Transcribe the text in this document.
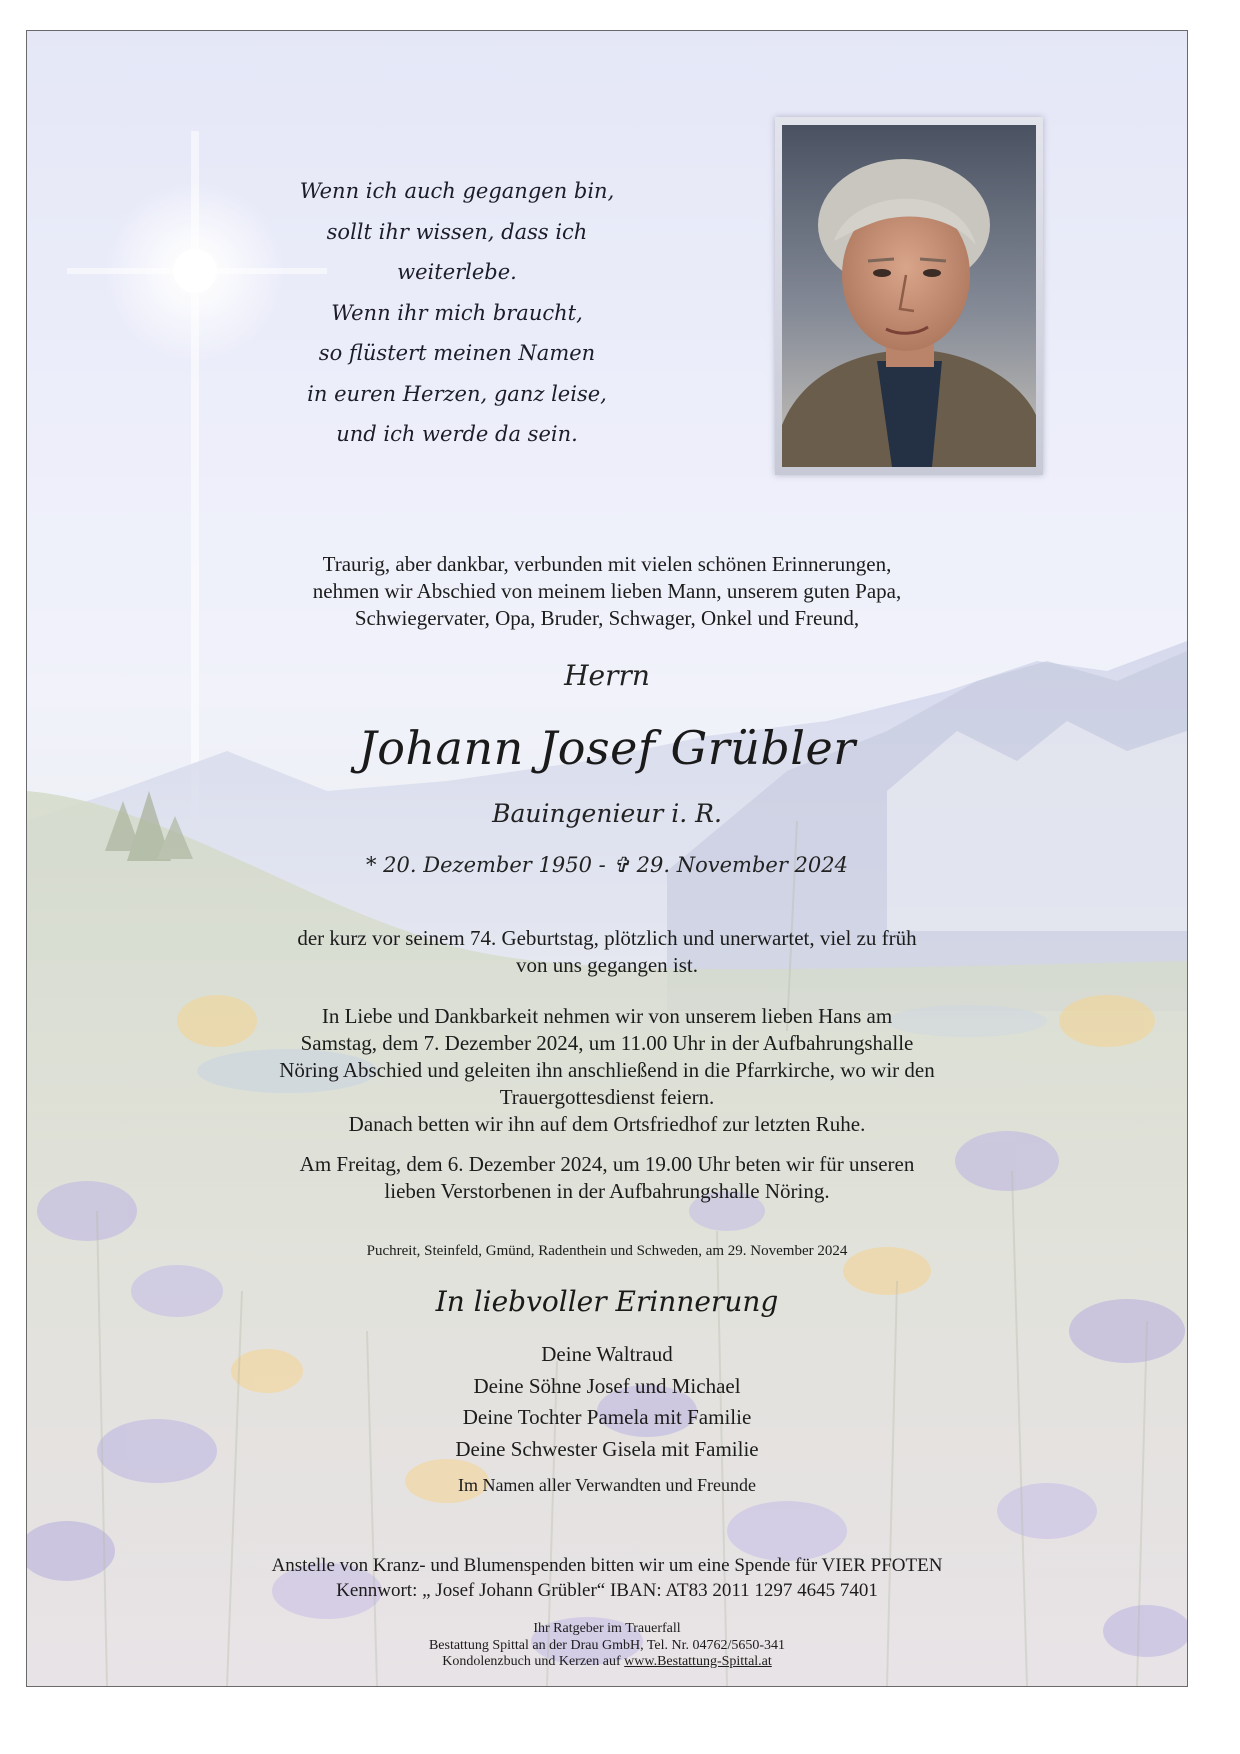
Wenn ich auch gegangen bin,
sollt ihr wissen, dass ich weiterlebe.
Wenn ihr mich braucht,
so flüstert meinen Namen
in euren Herzen, ganz leise,
und ich werde da sein.
Traurig, aber dankbar, verbunden mit vielen schönen Erinnerungen,
nehmen wir Abschied von meinem lieben Mann, unserem guten Papa,
Schwiegervater, Opa, Bruder, Schwager, Onkel und Freund,
Herrn
Johann Josef Grübler
Bauingenieur i. R.
* 20. Dezember 1950 - ✞ 29. November 2024
der kurz vor seinem 74. Geburtstag, plötzlich und unerwartet, viel zu früh
von uns gegangen ist.
In Liebe und Dankbarkeit nehmen wir von unserem lieben Hans am
Samstag, dem 7. Dezember 2024, um 11.00 Uhr in der Aufbahrungshalle
Nöring Abschied und geleiten ihn anschließend in die Pfarrkirche, wo wir den
Trauergottesdienst feiern.
Danach betten wir ihn auf dem Ortsfriedhof zur letzten Ruhe.
Am Freitag, dem 6. Dezember 2024, um 19.00 Uhr beten wir für unseren
lieben Verstorbenen in der Aufbahrungshalle Nöring.
Puchreit, Steinfeld, Gmünd, Radenthein und Schweden, am 29. November 2024
In liebvoller Erinnerung
Deine Waltraud
Deine Söhne Josef und Michael
Deine Tochter Pamela mit Familie
Deine Schwester Gisela mit Familie
Im Namen aller Verwandten und Freunde
Anstelle von Kranz- und Blumenspenden bitten wir um eine Spende für VIER PFOTEN
Kennwort: „ Josef Johann Grübler“ IBAN: AT83 2011 1297 4645 7401
Ihr Ratgeber im Trauerfall
Bestattung Spittal an der Drau GmbH, Tel. Nr. 04762/5650-341
Kondolenzbuch und Kerzen auf www.Bestattung-Spittal.at
